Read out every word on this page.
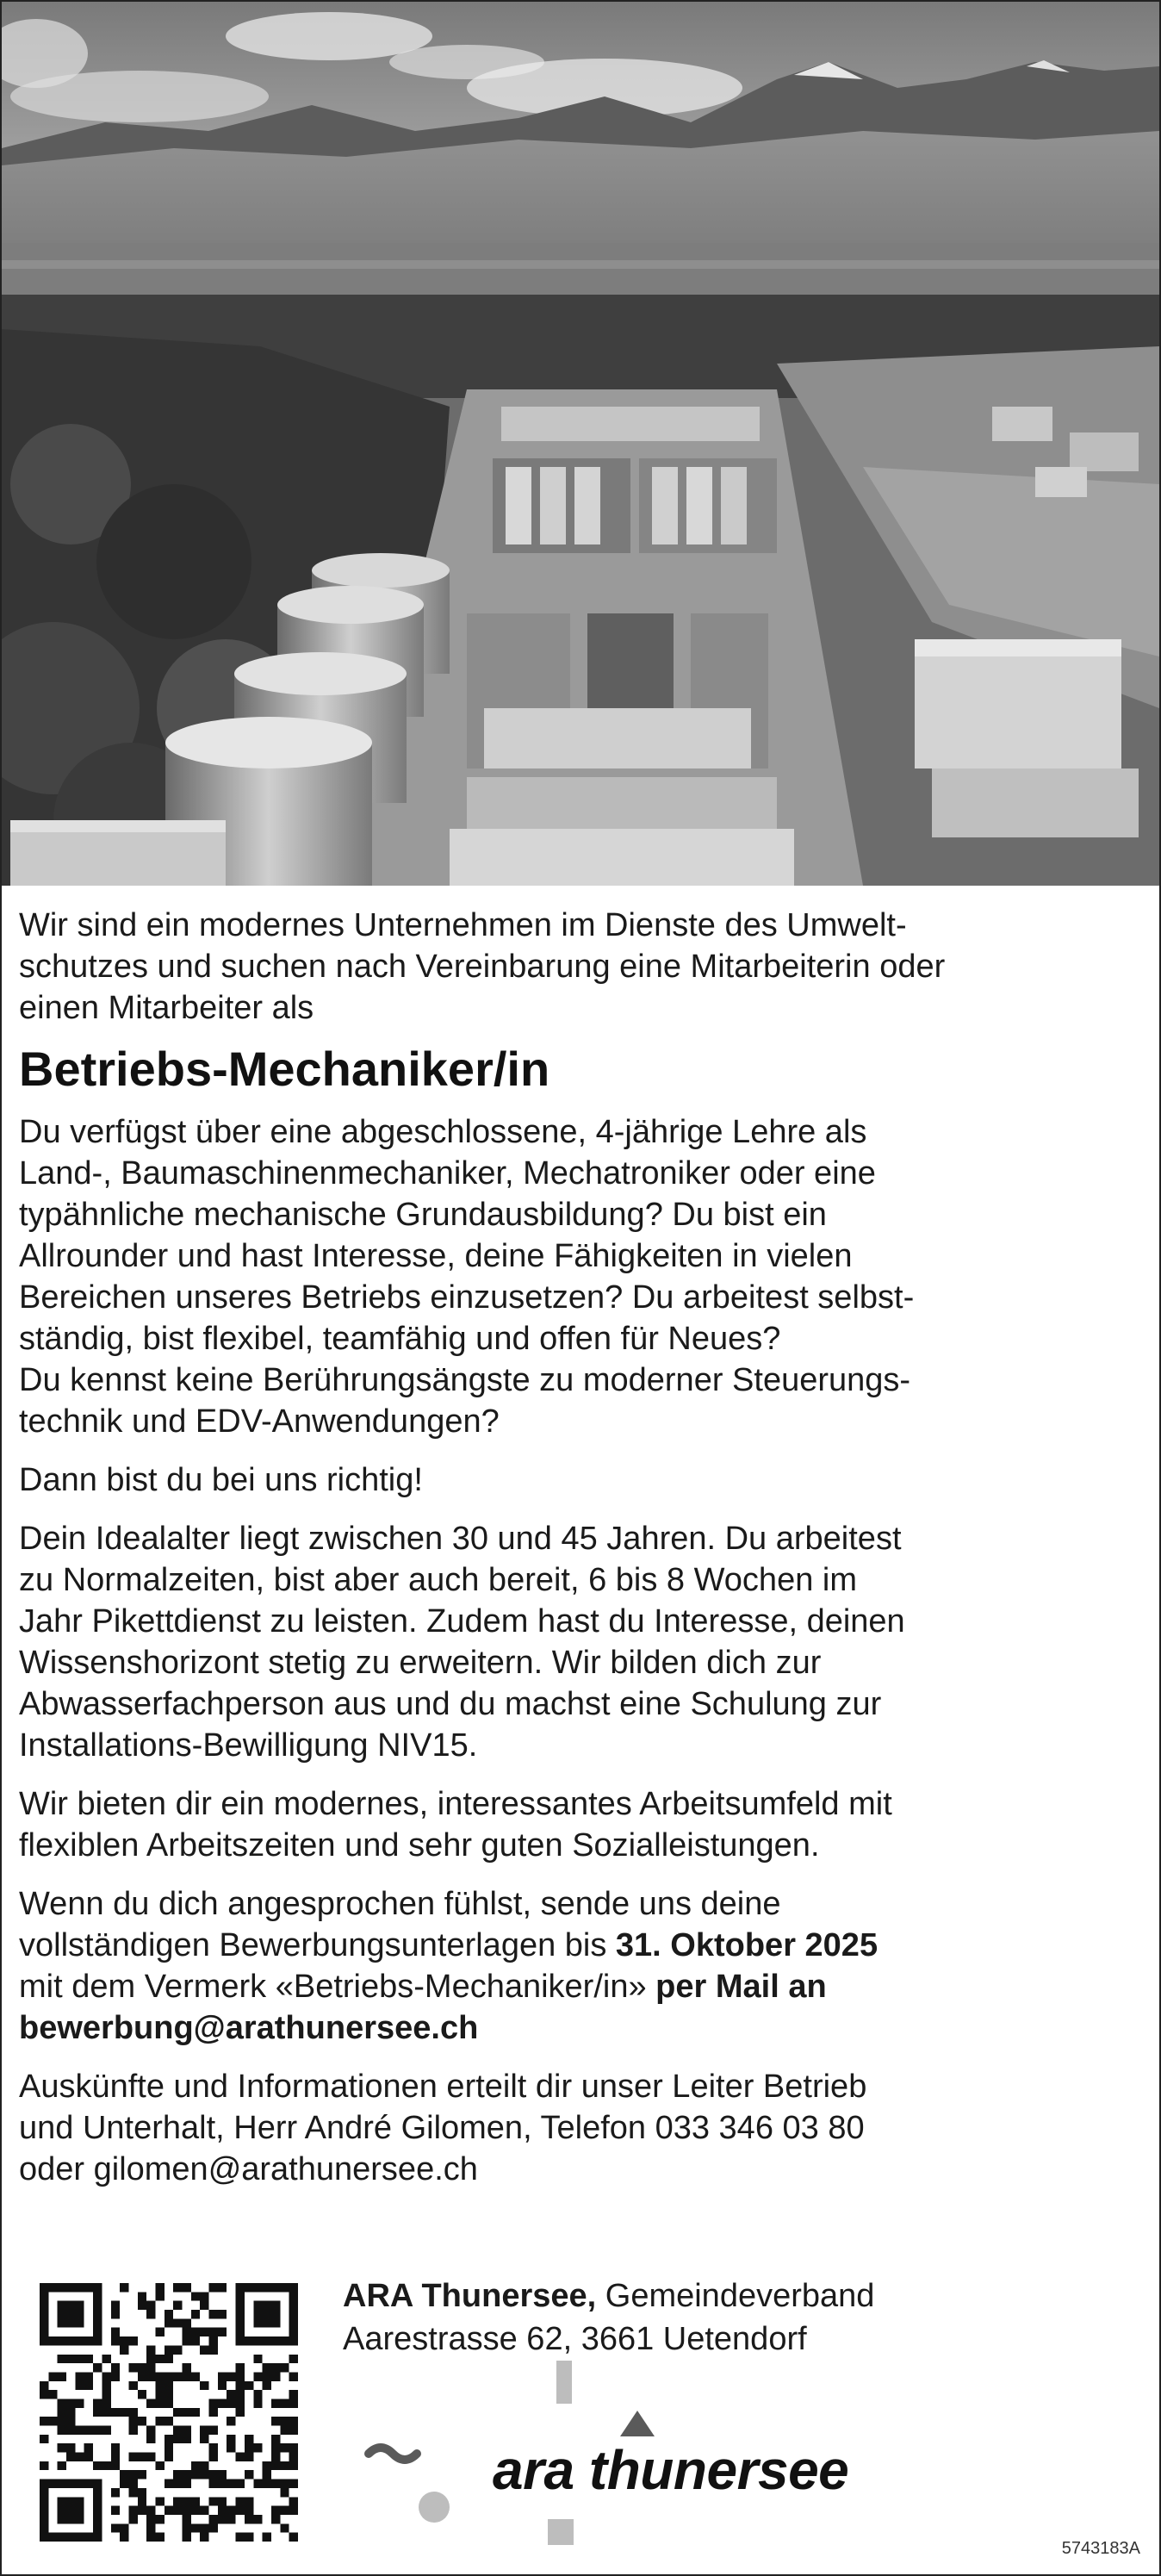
Wir sind ein modernes Unternehmen im Dienste des Umwelt-
schutzes und suchen nach Vereinbarung eine Mitarbeiterin oder
einen Mitarbeiter als

Betriebs-Mechaniker/in

Du verfügst über eine abgeschlossene, 4-jährige Lehre als
Land-, Baumaschinenmechaniker, Mechatroniker oder eine
typähnliche mechanische Grundausbildung? Du bist ein
Allrounder und hast Interesse, deine Fähigkeiten in vielen
Bereichen unseres Betriebs einzusetzen? Du arbeitest selbst-
ständig, bist flexibel, teamfähig und offen für Neues?
Du kennst keine Berührungsängste zu moderner Steuerungs-
technik und EDV-Anwendungen?

Dann bist du bei uns richtig!

Dein Idealalter liegt zwischen 30 und 45 Jahren. Du arbeitest
zu Normalzeiten, bist aber auch bereit, 6 bis 8 Wochen im
Jahr Pikettdienst zu leisten. Zudem hast du Interesse, deinen
Wissenshorizont stetig zu erweitern. Wir bilden dich zur
Abwasserfachperson aus und du machst eine Schulung zur
Installations-Bewilligung NIV15.

Wir bieten dir ein modernes, interessantes Arbeitsumfeld mit
flexiblen Arbeitszeiten und sehr guten Sozialleistungen.

Wenn du dich angesprochen fühlst, sende uns deine
vollständigen Bewerbungsunterlagen bis 31. Oktober 2025
mit dem Vermerk «Betriebs-Mechaniker/in» per Mail an
bewerbung@arathunersee.ch

Auskünfte und Informationen erteilt dir unser Leiter Betrieb
und Unterhalt, Herr André Gilomen, Telefon 033 346 03 80
oder gilomen@arathunersee.ch

ARA Thunersee, Gemeindeverband
Aarestrasse 62, 3661 Uetendorf
ara thunersee
5743183A
